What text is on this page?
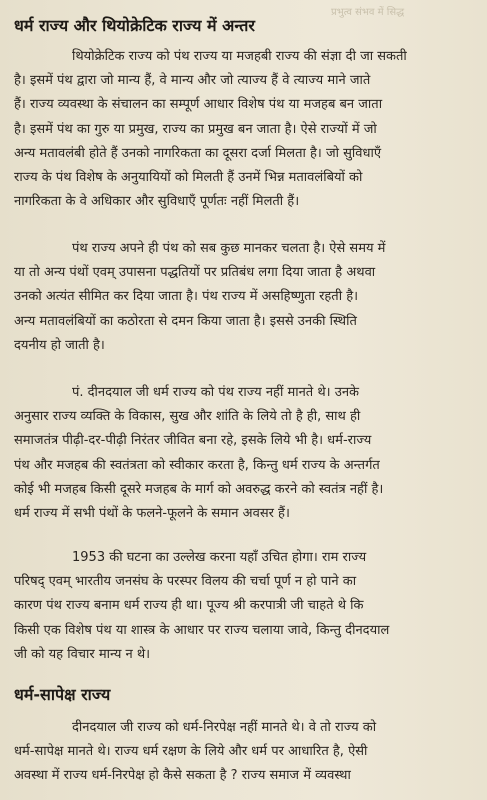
प्रभुत्व संभव में सिद्ध
धर्म राज्य और थियोक्रेटिक राज्य में अन्तर
थियोक्रेटिक राज्य को पंथ राज्य या मजहबी राज्य की संज्ञा दी जा सकती
है। इसमें पंथ द्वारा जो मान्य हैं, वे मान्य और जो त्याज्य हैं वे त्याज्य माने जाते
हैं। राज्य व्यवस्था के संचालन का सम्पूर्ण आधार विशेष पंथ या मजहब बन जाता
है। इसमें पंथ का गुरु या प्रमुख, राज्य का प्रमुख बन जाता है। ऐसे राज्यों में जो
अन्य मतावलंबी होते हैं उनको नागरिकता का दूसरा दर्जा मिलता है। जो सुविधाएँ
राज्य के पंथ विशेष के अनुयायियों को मिलती हैं उनमें भिन्न मतावलंबियों को
नागरिकता के वे अधिकार और सुविधाएँ पूर्णतः नहीं मिलती हैं।
पंथ राज्य अपने ही पंथ को सब कुछ मानकर चलता है। ऐसे समय में
या तो अन्य पंथों एवम् उपासना पद्धतियों पर प्रतिबंध लगा दिया जाता है अथवा
उनको अत्यंत सीमित कर दिया जाता है। पंथ राज्य में असहिष्णुता रहती है।
अन्य मतावलंबियों का कठोरता से दमन किया जाता है। इससे उनकी स्थिति
दयनीय हो जाती है।
पं. दीनदयाल जी धर्म राज्य को पंथ राज्य नहीं मानते थे। उनके
अनुसार राज्य व्यक्ति के विकास, सुख और शांति के लिये तो है ही, साथ ही
समाजतंत्र पीढ़ी-दर-पीढ़ी निरंतर जीवित बना रहे, इसके लिये भी है। धर्म-राज्य
पंथ और मजहब की स्वतंत्रता को स्वीकार करता है, किन्तु धर्म राज्य के अन्तर्गत
कोई भी मजहब किसी दूसरे मजहब के मार्ग को अवरुद्ध करने को स्वतंत्र नहीं है।
धर्म राज्य में सभी पंथों के फलने-फूलने के समान अवसर हैं।
1953 की घटना का उल्लेख करना यहाँ उचित होगा। राम राज्य
परिषद् एवम् भारतीय जनसंघ के परस्पर विलय की चर्चा पूर्ण न हो पाने का
कारण पंथ राज्य बनाम धर्म राज्य ही था। पूज्य श्री करपात्री जी चाहते थे कि
किसी एक विशेष पंथ या शास्त्र के आधार पर राज्य चलाया जावे, किन्तु दीनदयाल
जी को यह विचार मान्य न थे।
धर्म-सापेक्ष राज्य
दीनदयाल जी राज्य को धर्म-निरपेक्ष नहीं मानते थे। वे तो राज्य को
धर्म-सापेक्ष मानते थे। राज्य धर्म रक्षण के लिये और धर्म पर आधारित है, ऐसी
अवस्था में राज्य धर्म-निरपेक्ष हो कैसे सकता है ? राज्य समाज में व्यवस्था
